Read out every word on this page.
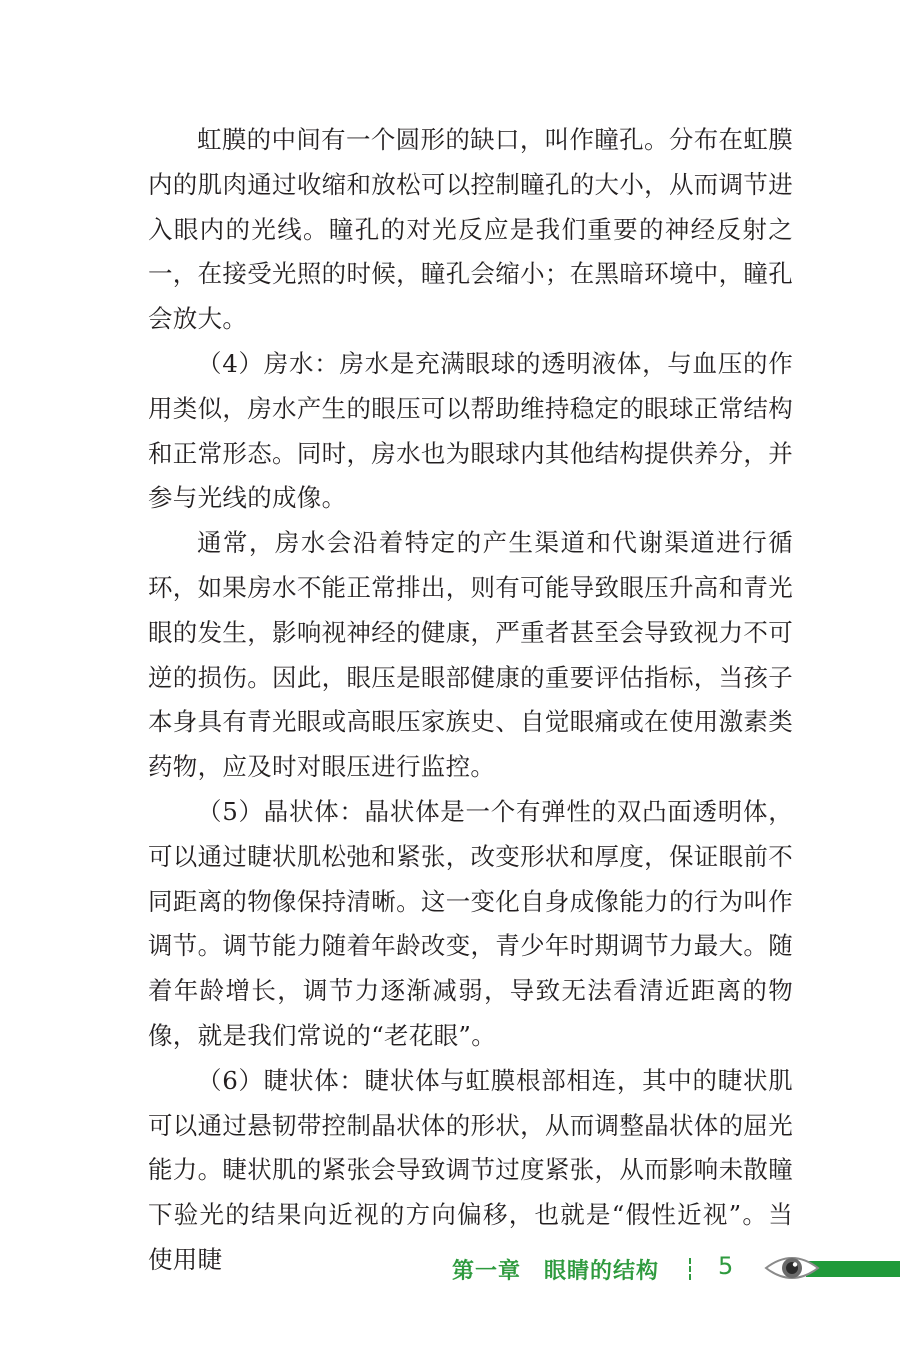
虹膜的中间有一个圆形的缺口，叫作瞳孔。分布在虹膜内的肌肉通过收缩和放松可以控制瞳孔的大小，从而调节进入眼内的光线。瞳孔的对光反应是我们重要的神经反射之一，在接受光照的时候，瞳孔会缩小；在黑暗环境中，瞳孔会放大。

（4）房水：房水是充满眼球的透明液体，与血压的作用类似，房水产生的眼压可以帮助维持稳定的眼球正常结构和正常形态。同时，房水也为眼球内其他结构提供养分，并参与光线的成像。

通常，房水会沿着特定的产生渠道和代谢渠道进行循环，如果房水不能正常排出，则有可能导致眼压升高和青光眼的发生，影响视神经的健康，严重者甚至会导致视力不可逆的损伤。因此，眼压是眼部健康的重要评估指标，当孩子本身具有青光眼或高眼压家族史、自觉眼痛或在使用激素类药物，应及时对眼压进行监控。

（5）晶状体：晶状体是一个有弹性的双凸面透明体，可以通过睫状肌松弛和紧张，改变形状和厚度，保证眼前不同距离的物像保持清晰。这一变化自身成像能力的行为叫作调节。调节能力随着年龄改变，青少年时期调节力最大。随着年龄增长，调节力逐渐减弱，导致无法看清近距离的物像，就是我们常说的“老花眼”。

（6）睫状体：睫状体与虹膜根部相连，其中的睫状肌可以通过悬韧带控制晶状体的形状，从而调整晶状体的屈光能力。睫状肌的紧张会导致调节过度紧张，从而影响未散瞳下验光的结果向近视的方向偏移，也就是“假性近视”。当使用睫	第一章　眼睛的结构 5
